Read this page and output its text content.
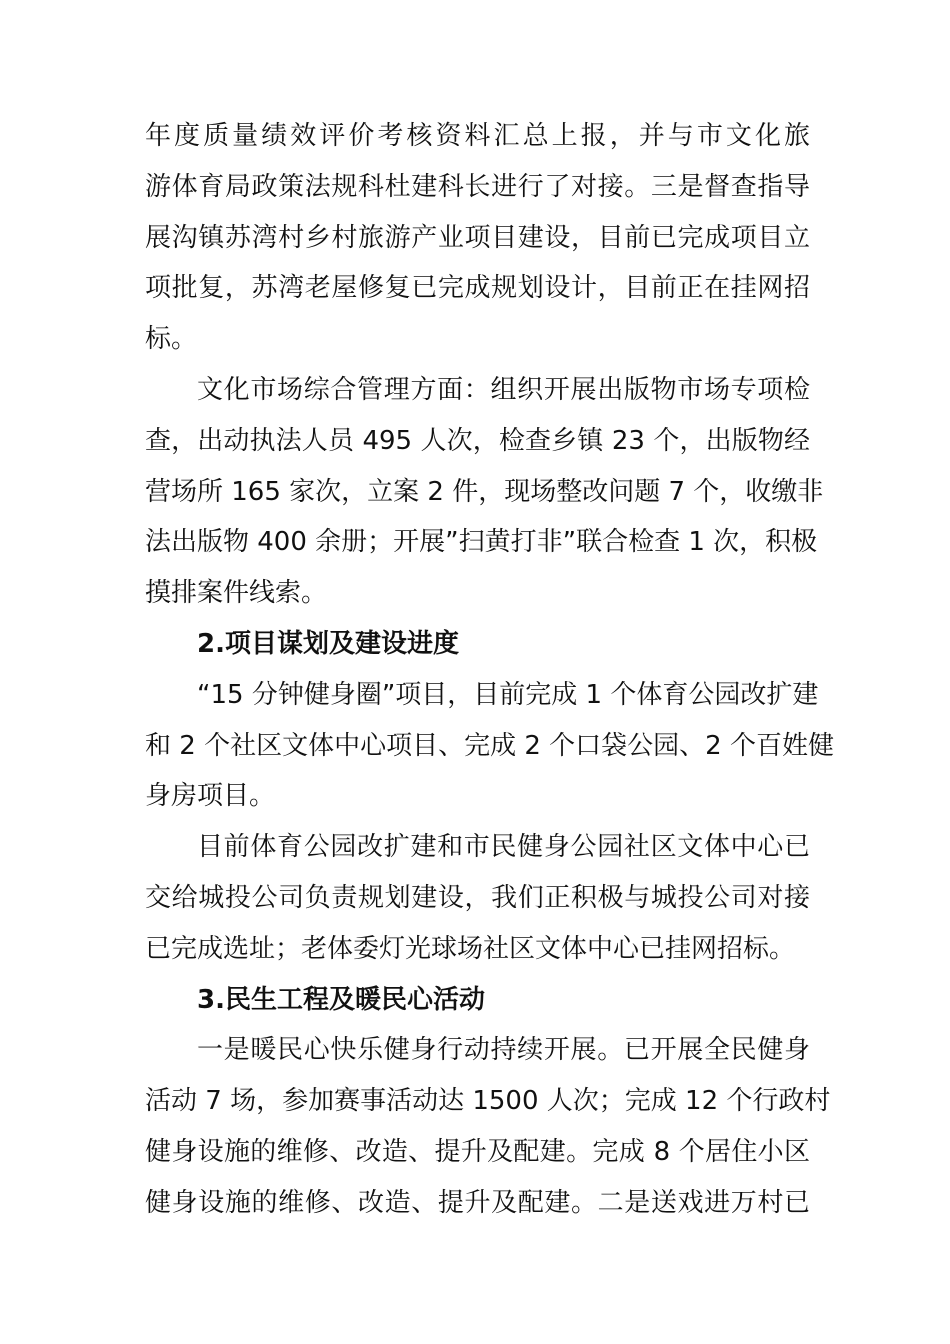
年度质量绩效评价考核资料汇总上报，并与市文化旅
游体育局政策法规科杜建科长进行了对接。三是督查指导
展沟镇苏湾村乡村旅游产业项目建设，目前已完成项目立
项批复，苏湾老屋修复已完成规划设计，目前正在挂网招
标。
文化市场综合管理方面：组织开展出版物市场专项检
查，出动执法人员 495 人次，检查乡镇 23 个，出版物经
营场所 165 家次，立案 2 件，现场整改问题 7 个，收缴非
法出版物 400 余册；开展”扫黄打非”联合检查 1 次，积极
摸排案件线索。

2.项目谋划及建设进度

“15 分钟健身圈”项目，目前完成 1 个体育公园改扩建
和 2 个社区文体中心项目、完成 2 个口袋公园、2 个百姓健
身房项目。
目前体育公园改扩建和市民健身公园社区文体中心已
交给城投公司负责规划建设，我们正积极与城投公司对接
已完成选址；老体委灯光球场社区文体中心已挂网招标。

3.民生工程及暖民心活动

一是暖民心快乐健身行动持续开展。已开展全民健身
活动 7 场，参加赛事活动达 1500 人次；完成 12 个行政村
健身设施的维修、改造、提升及配建。完成 8 个居住小区
健身设施的维修、改造、提升及配建。二是送戏进万村已
